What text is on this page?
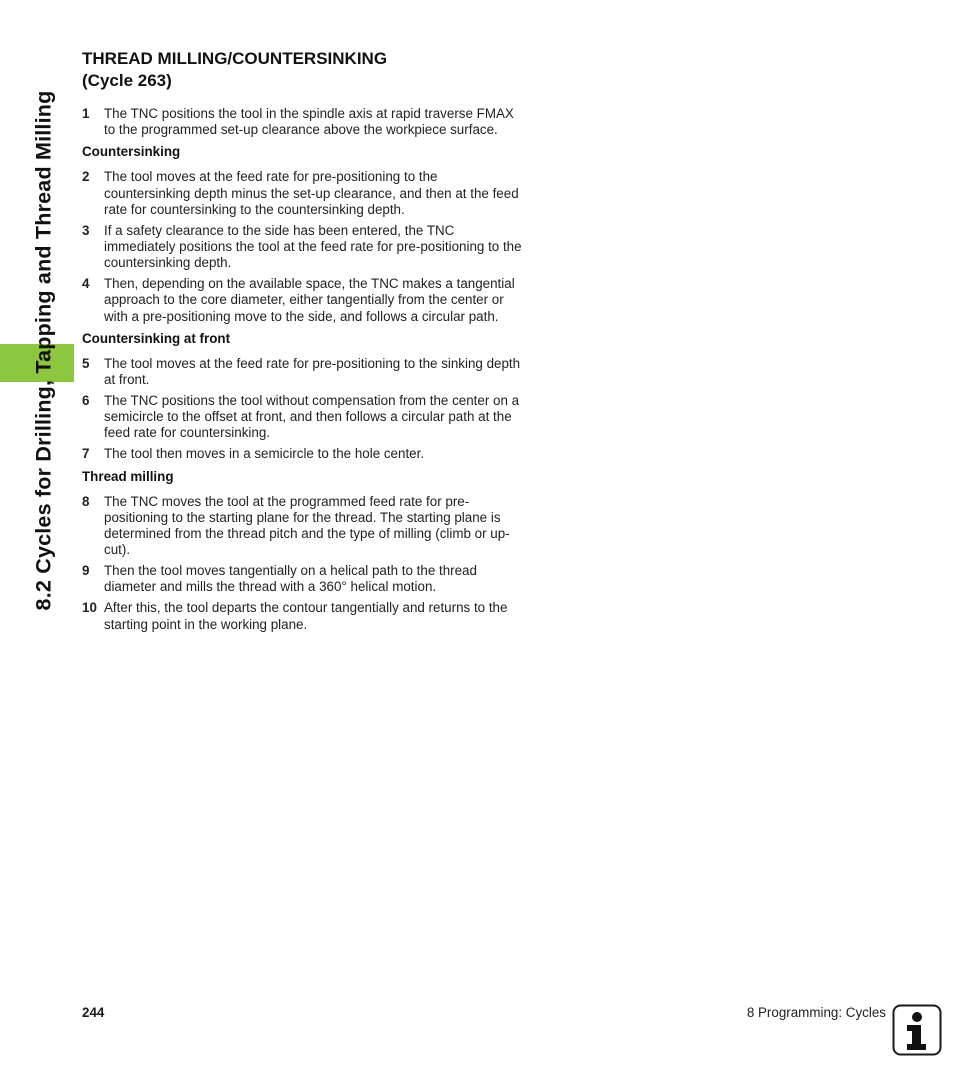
8.2 Cycles for Drilling, Tapping and Thread Milling
THREAD MILLING/COUNTERSINKING
(Cycle 263)
1	The TNC positions the tool in the spindle axis at rapid traverse FMAX to the programmed set-up clearance above the workpiece surface.
Countersinking
2	The tool moves at the feed rate for pre-positioning to the countersinking depth minus the set-up clearance, and then at the feed rate for countersinking to the countersinking depth.
3	If a safety clearance to the side has been entered, the TNC immediately positions the tool at the feed rate for pre-positioning to the countersinking depth.
4	Then, depending on the available space, the TNC makes a tangential approach to the core diameter, either tangentially from the center or with a pre-positioning move to the side, and follows a circular path.
Countersinking at front
5	The tool moves at the feed rate for pre-positioning to the sinking depth at front.
6	The TNC positions the tool without compensation from the center on a semicircle to the offset at front, and then follows a circular path at the feed rate for countersinking.
7	The tool then moves in a semicircle to the hole center.
Thread milling
8	The TNC moves the tool at the programmed feed rate for pre-positioning to the starting plane for the thread. The starting plane is determined from the thread pitch and the type of milling (climb or up-cut).
9	Then the tool moves tangentially on a helical path to the thread diameter and mills the thread with a 360° helical motion.
10 After this, the tool departs the contour tangentially and returns to the starting point in the working plane.
244	8 Programming: Cycles
